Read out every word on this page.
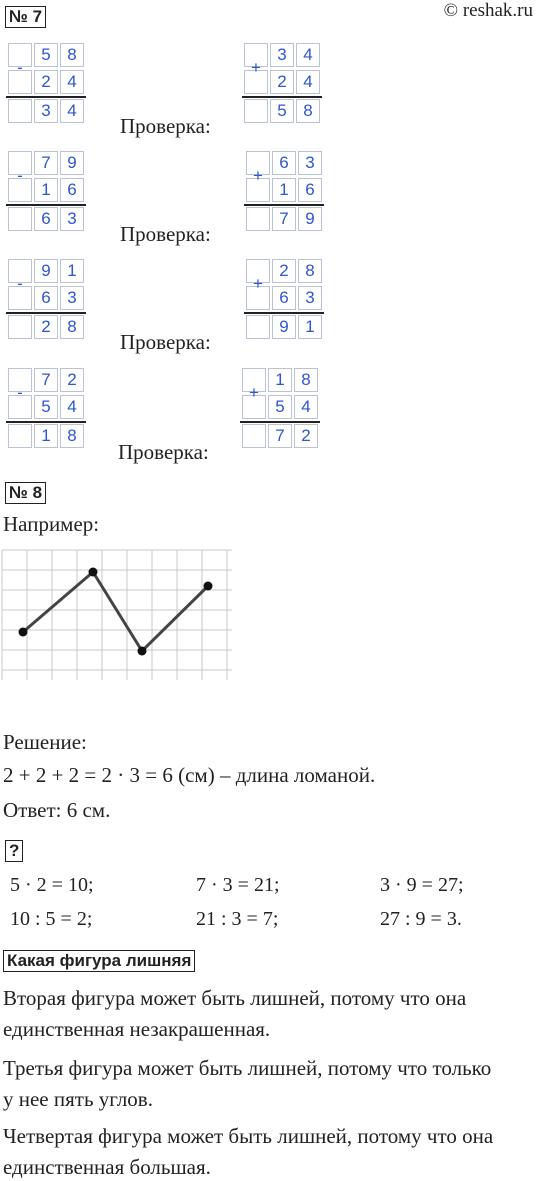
№ 7	© reshak.ru
-
5 8
2 4
3 4
+
3 4
2 4
5 8
Проверка:
-
7 9
1 6
6 3
+
6 3
1 6
7 9
Проверка:
-
9 1
6 3
2 8
+
2 8
6 3
9 1
Проверка:
-
7 2
5 4
1 8
+
1 8
5 4
7 2
Проверка:
№ 8
Например:
Решение:
2 + 2 + 2 = 2 · 3 = 6 (см) – длина ломаной.
Ответ: 6 см.
?
5 · 2 = 10;	7 · 3 = 21;	3 · 9 = 27;
10 : 5 = 2;	21 : 3 = 7;	27 : 9 = 3.
Какая фигура лишняя
Вторая фигура может быть лишней, потому что она
единственная незакрашенная.
Третья фигура может быть лишней, потому что только
у нее пять углов.
Четвертая фигура может быть лишней, потому что она
единственная большая.
